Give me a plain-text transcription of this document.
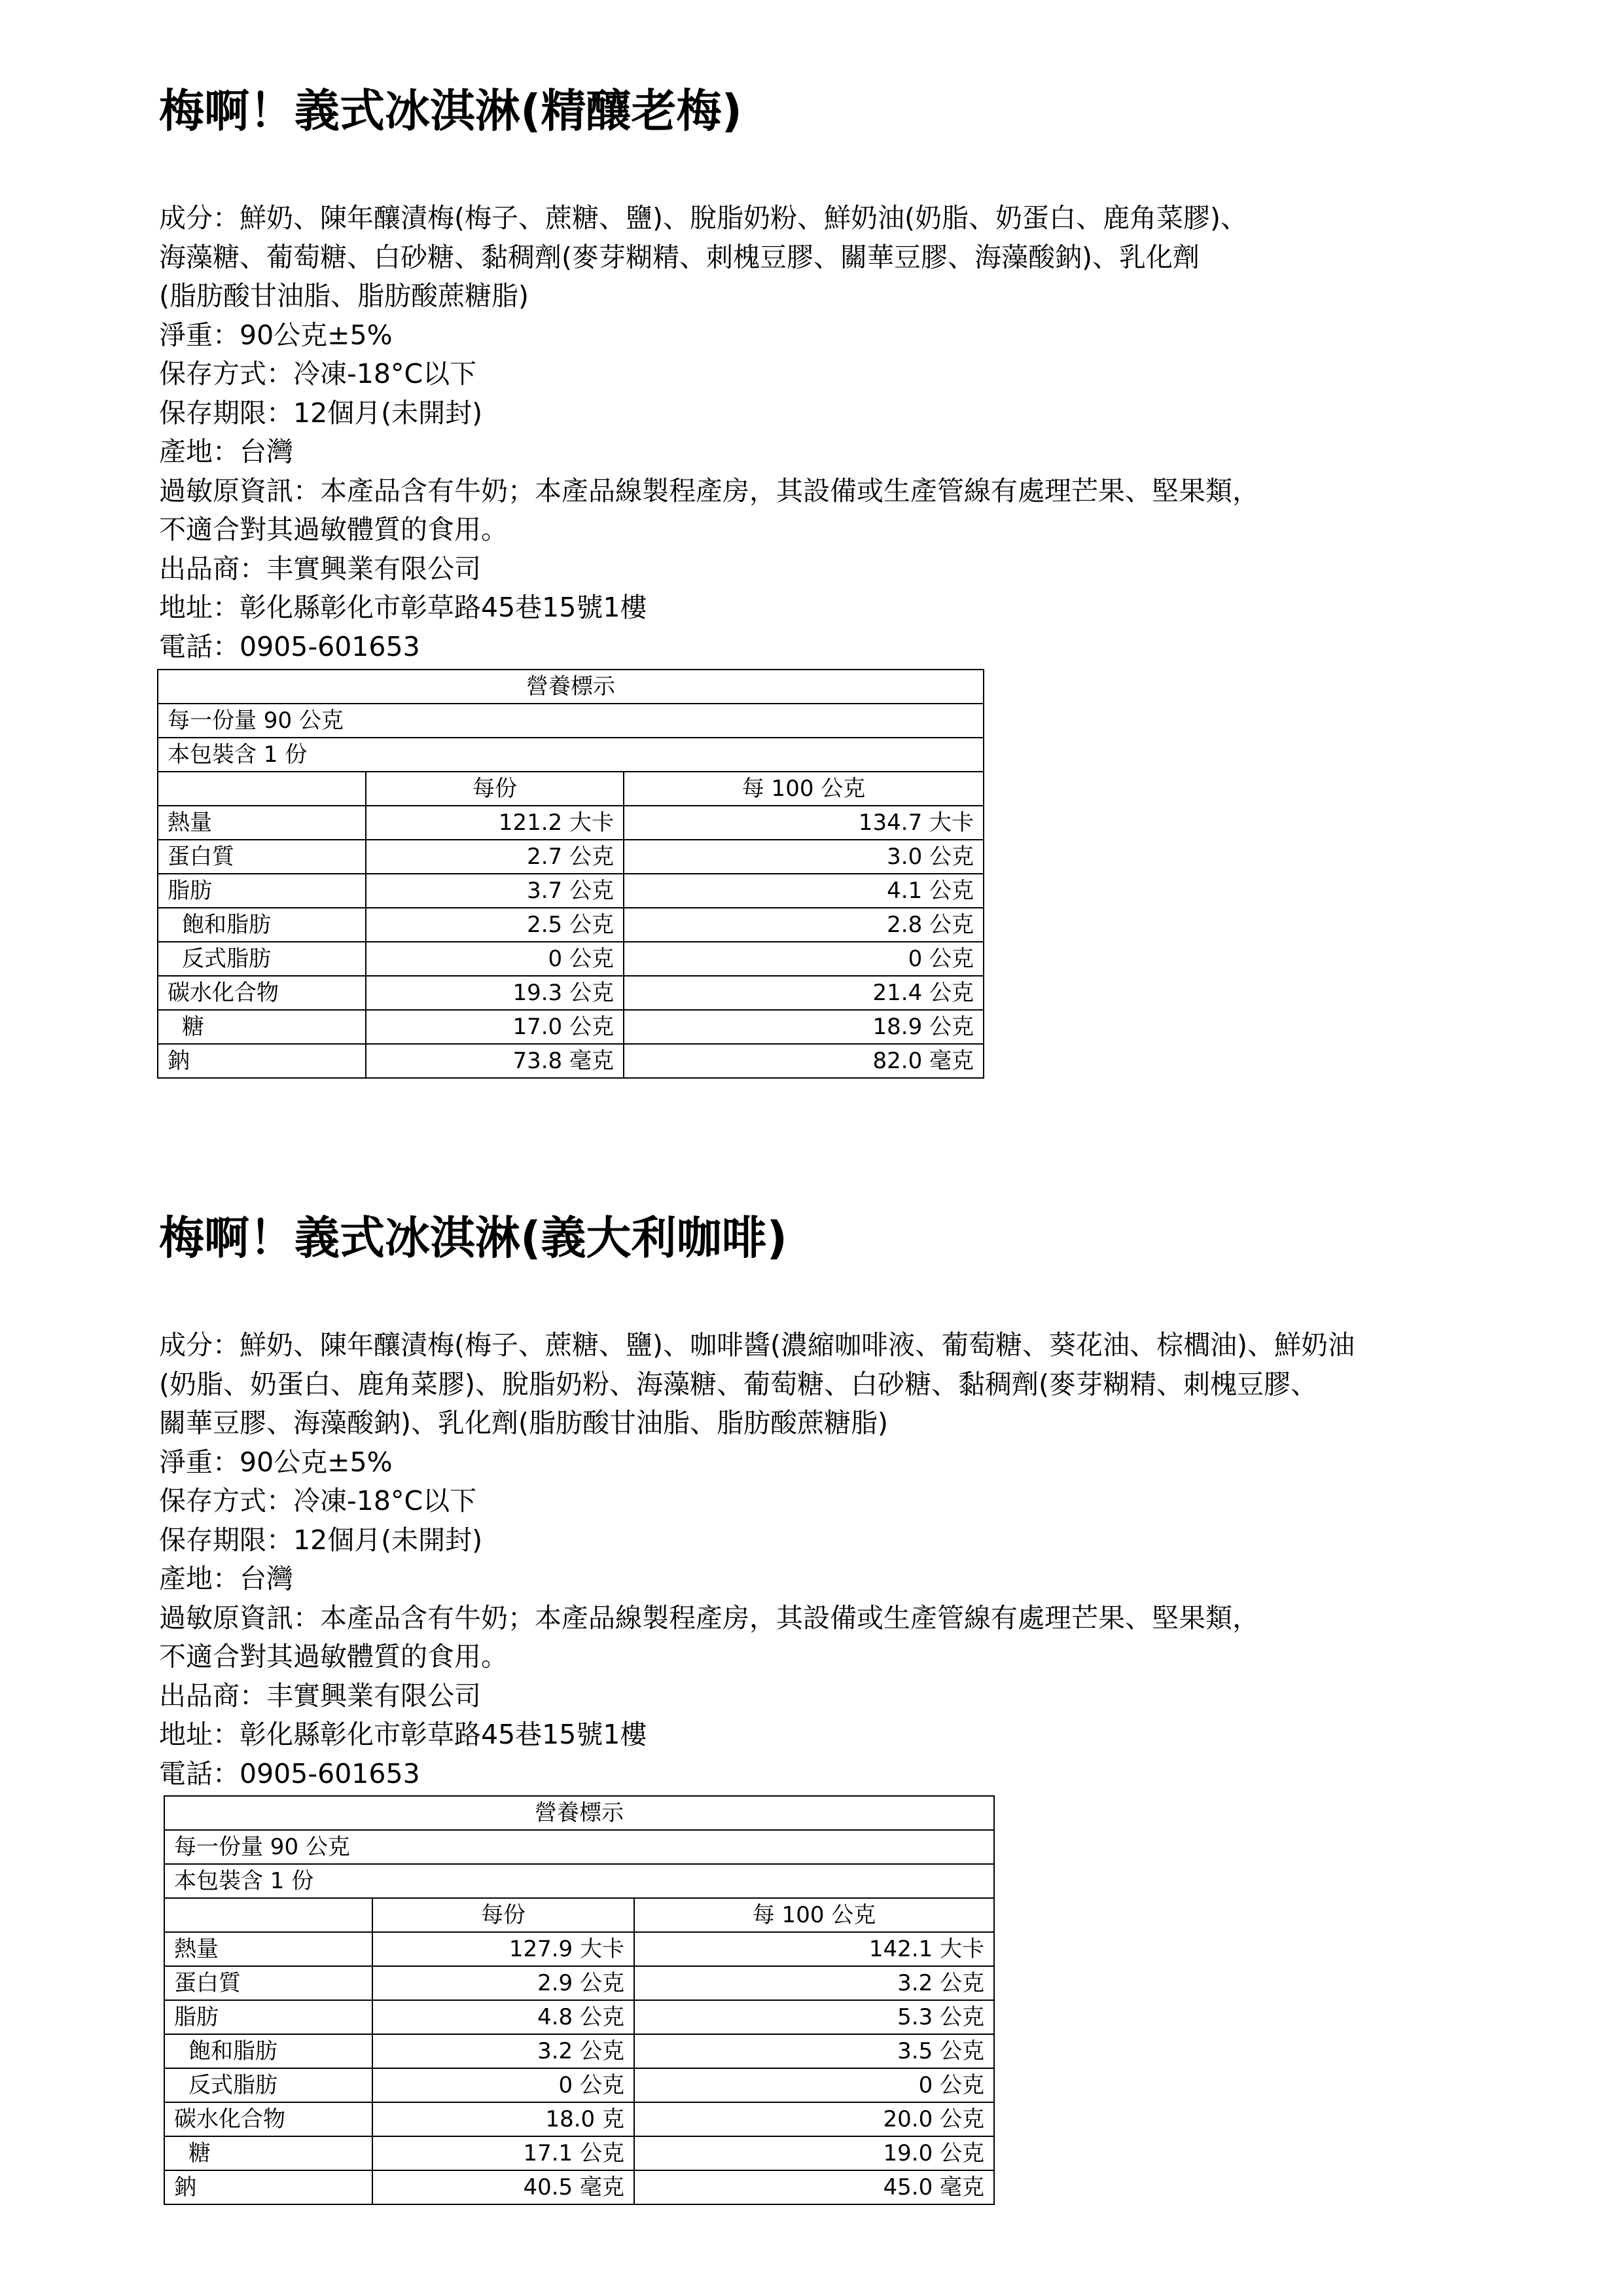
梅啊！義式冰淇淋(精釀老梅)
成分：鮮奶、陳年釀漬梅(梅子、蔗糖、鹽)、脫脂奶粉、鮮奶油(奶脂、奶蛋白、鹿角菜膠)、
海藻糖、葡萄糖、白砂糖、黏稠劑(麥芽糊精、刺槐豆膠、關華豆膠、海藻酸鈉)、乳化劑
(脂肪酸甘油脂、脂肪酸蔗糖脂)
淨重：90公克±5%
保存方式：冷凍-18°C以下
保存期限：12個月(未開封)
產地：台灣
過敏原資訊：本產品含有牛奶；本產品線製程產房，其設備或生產管線有處理芒果、堅果類，
不適合對其過敏體質的食用。
出品商：丰實興業有限公司
地址：彰化縣彰化市彰草路45巷15號1樓
電話：0905-601653
營養標示		
每一份量 90 公克		
本包裝含 1 份		
	每份	每 100 公克
熱量	121.2 大卡	134.7 大卡
蛋白質	2.7 公克	3.0 公克
脂肪	3.7 公克	4.1 公克
飽和脂肪	2.5 公克	2.8 公克
反式脂肪	0 公克	0 公克
碳水化合物	19.3 公克	21.4 公克
糖	17.0 公克	18.9 公克
鈉	73.8 毫克	82.0 毫克
梅啊！義式冰淇淋(義大利咖啡)
成分：鮮奶、陳年釀漬梅(梅子、蔗糖、鹽)、咖啡醬(濃縮咖啡液、葡萄糖、葵花油、棕櫚油)、鮮奶油
(奶脂、奶蛋白、鹿角菜膠)、脫脂奶粉、海藻糖、葡萄糖、白砂糖、黏稠劑(麥芽糊精、刺槐豆膠、
關華豆膠、海藻酸鈉)、乳化劑(脂肪酸甘油脂、脂肪酸蔗糖脂)
淨重：90公克±5%
保存方式：冷凍-18°C以下
保存期限：12個月(未開封)
產地：台灣
過敏原資訊：本產品含有牛奶；本產品線製程產房，其設備或生產管線有處理芒果、堅果類，
不適合對其過敏體質的食用。
出品商：丰實興業有限公司
地址：彰化縣彰化市彰草路45巷15號1樓
電話：0905-601653
營養標示		
每一份量 90 公克		
本包裝含 1 份		
	每份	每 100 公克
熱量	127.9 大卡	142.1 大卡
蛋白質	2.9 公克	3.2 公克
脂肪	4.8 公克	5.3 公克
飽和脂肪	3.2 公克	3.5 公克
反式脂肪	0 公克	0 公克
碳水化合物	18.0 克	20.0 公克
糖	17.1 公克	19.0 公克
鈉	40.5 毫克	45.0 毫克
